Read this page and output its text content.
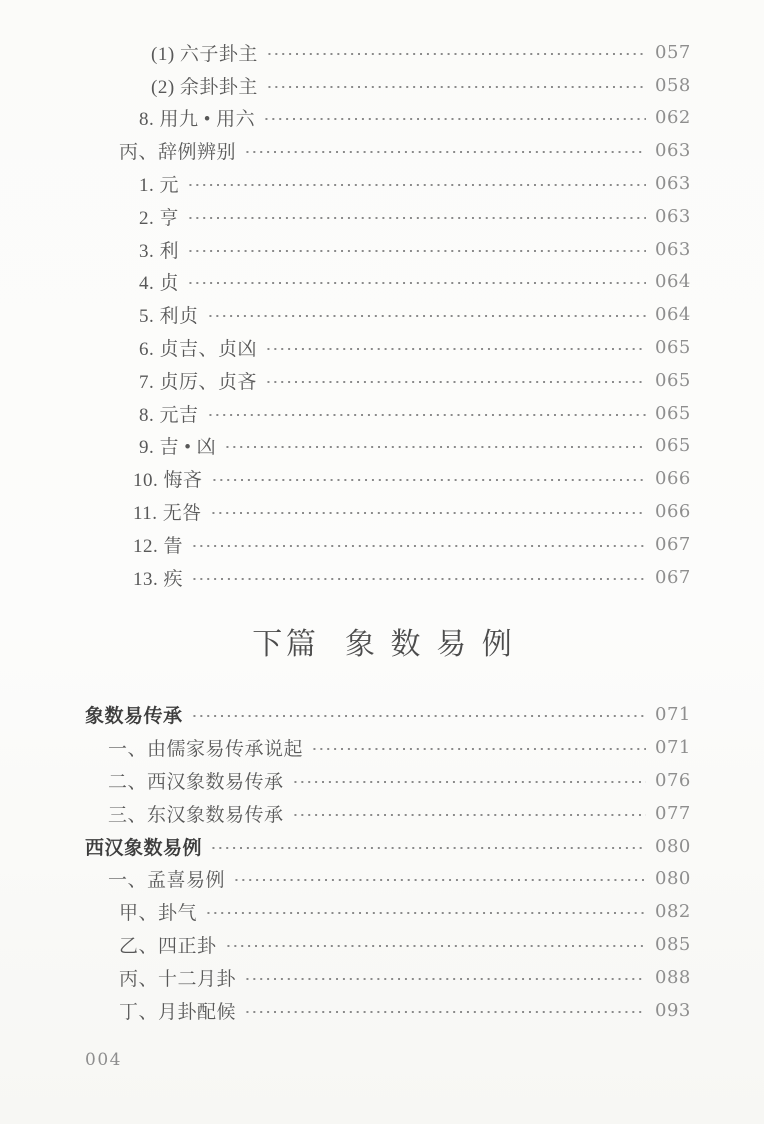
(1) 六子卦主	057
(2) 余卦卦主	058
8. 用九 • 用六	062
丙、辞例辨别	063
1. 元	063
2. 亨	063
3. 利	063
4. 贞	064
5. 利贞	064
6. 贞吉、贞凶	065
7. 贞厉、贞吝	065
8. 元吉	065
9. 吉 • 凶	065
10. 悔吝	066
11. 无咎	066
12. 眚	067
13. 疾	067
下篇 象数易例
象数易传承	071
一、由儒家易传承说起	071
二、西汉象数易传承	076
三、东汉象数易传承	077
西汉象数易例	080
一、孟喜易例	080
甲、卦气	082
乙、四正卦	085
丙、十二月卦	088
丁、月卦配候	093
004
